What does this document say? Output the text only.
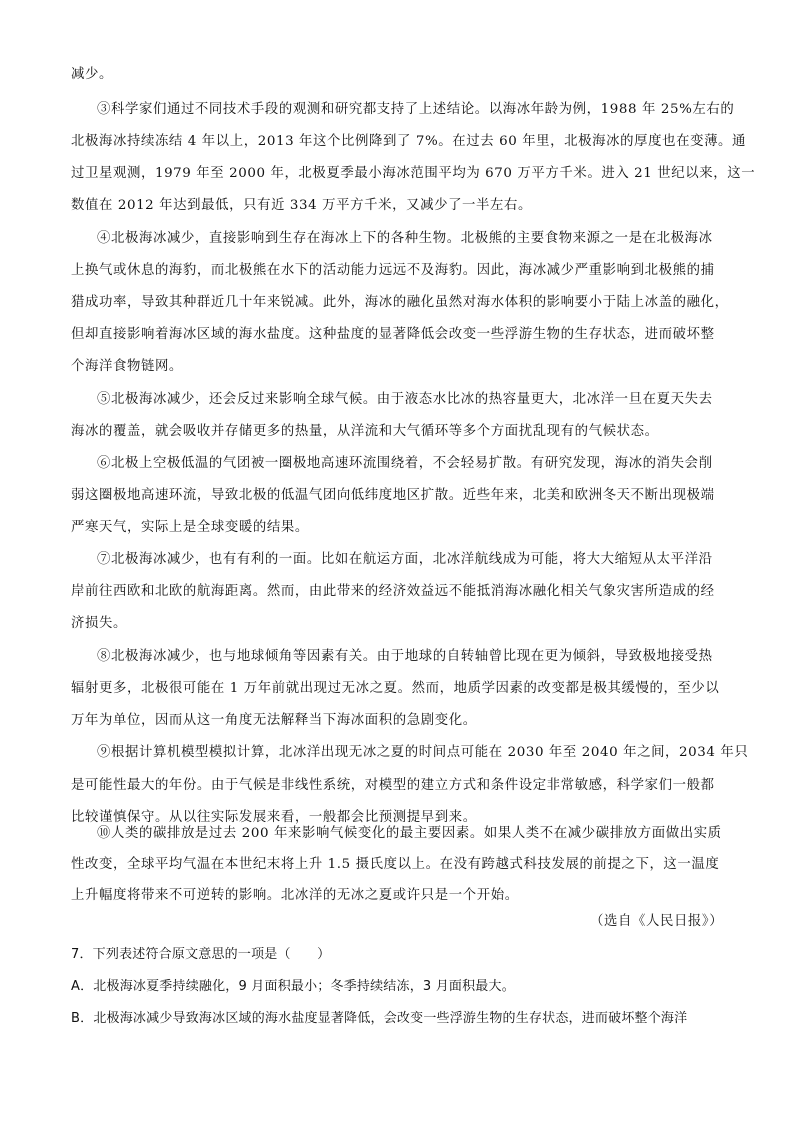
减少。
③科学家们通过不同技术手段的观测和研究都支持了上述结论。以海冰年龄为例，1988 年 25%左右的
北极海冰持续冻结 4 年以上，2013 年这个比例降到了 7%。在过去 60 年里，北极海冰的厚度也在变薄。通
过卫星观测，1979 年至 2000 年，北极夏季最小海冰范围平均为 670 万平方千米。进入 21 世纪以来，这一
数值在 2012 年达到最低，只有近 334 万平方千米，又减少了一半左右。
④北极海冰减少，直接影响到生存在海冰上下的各种生物。北极熊的主要食物来源之一是在北极海冰
上换气或休息的海豹，而北极熊在水下的活动能力远远不及海豹。因此，海冰减少严重影响到北极熊的捕
猎成功率，导致其种群近几十年来锐减。此外，海冰的融化虽然对海水体积的影响要小于陆上冰盖的融化，
但却直接影响着海冰区域的海水盐度。这种盐度的显著降低会改变一些浮游生物的生存状态，进而破坏整
个海洋食物链网。
⑤北极海冰减少，还会反过来影响全球气候。由于液态水比冰的热容量更大，北冰洋一旦在夏天失去
海冰的覆盖，就会吸收并存储更多的热量，从洋流和大气循环等多个方面扰乱现有的气候状态。
⑥北极上空极低温的气团被一圈极地高速环流围绕着，不会轻易扩散。有研究发现，海冰的消失会削
弱这圈极地高速环流，导致北极的低温气团向低纬度地区扩散。近些年来，北美和欧洲冬天不断出现极端
严寒天气，实际上是全球变暖的结果。
⑦北极海冰减少，也有有利的一面。比如在航运方面，北冰洋航线成为可能，将大大缩短从太平洋沿
岸前往西欧和北欧的航海距离。然而，由此带来的经济效益远不能抵消海冰融化相关气象灾害所造成的经
济损失。
⑧北极海冰减少，也与地球倾角等因素有关。由于地球的自转轴曾比现在更为倾斜，导致极地接受热
辐射更多，北极很可能在 1 万年前就出现过无冰之夏。然而，地质学因素的改变都是极其缓慢的，至少以
万年为单位，因而从这一角度无法解释当下海冰面积的急剧变化。
⑨根据计算机模型模拟计算，北冰洋出现无冰之夏的时间点可能在 2030 年至 2040 年之间，2034 年只
是可能性最大的年份。由于气候是非线性系统，对模型的建立方式和条件设定非常敏感，科学家们一般都
比较谨慎保守。从以往实际发展来看，一般都会比预测提早到来。
⑩人类的碳排放是过去 200 年来影响气候变化的最主要因素。如果人类不在减少碳排放方面做出实质
性改变，全球平均气温在本世纪末将上升 1.5 摄氏度以上。在没有跨越式科技发展的前提之下，这一温度
上升幅度将带来不可逆转的影响。北冰洋的无冰之夏或许只是一个开始。
（选自《人民日报》）
7．下列表述符合原文意思的一项是（　　）
A．北极海冰夏季持续融化，9 月面积最小；冬季持续结冻，3 月面积最大。
B．北极海冰减少导致海冰区域的海水盐度显著降低，会改变一些浮游生物的生存状态，进而破坏整个海洋
